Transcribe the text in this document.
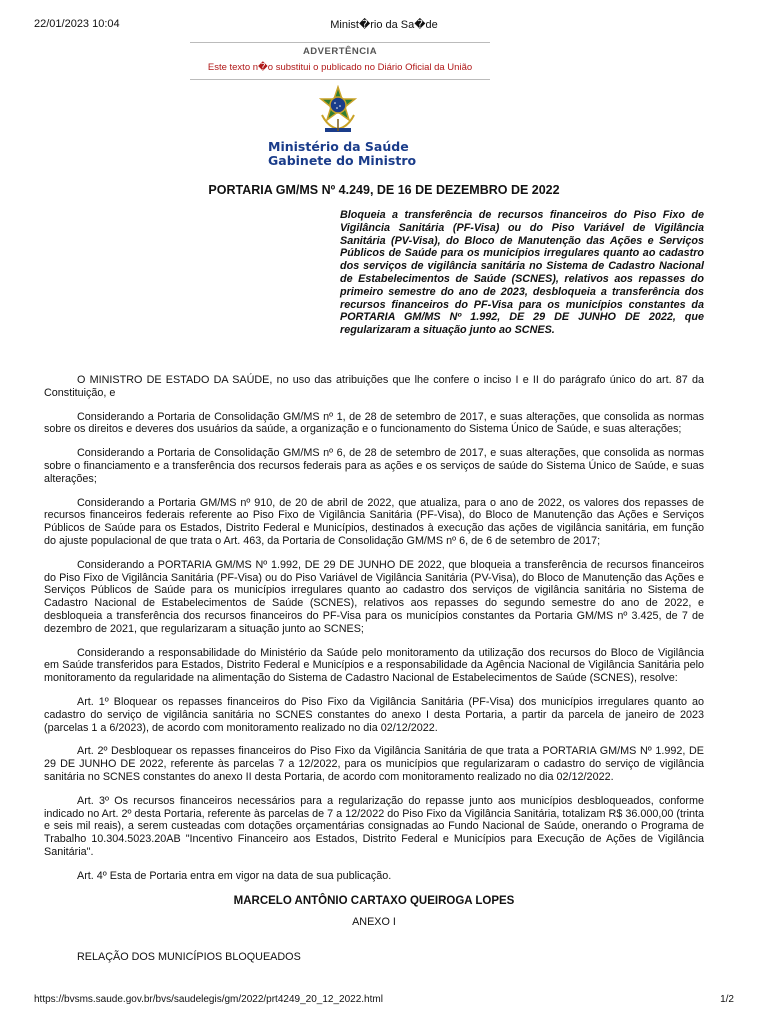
22/01/2023 10:04	Minist�rio da Sa�de
ADVERTÊNCIA
Este texto n�o substitui o publicado no Diário Oficial da União
Ministério da Saúde
Gabinete do Ministro
PORTARIA GM/MS Nº 4.249, DE 16 DE DEZEMBRO DE 2022
Bloqueia a transferência de recursos financeiros do Piso Fixo de Vigilância Sanitária (PF-Visa) ou do Piso Variável de Vigilância Sanitária (PV-Visa), do Bloco de Manutenção das Ações e Serviços Públicos de Saúde para os municípios irregulares quanto ao cadastro dos serviços de vigilância sanitária no Sistema de Cadastro Nacional de Estabelecimentos de Saúde (SCNES), relativos aos repasses do primeiro semestre do ano de 2023, desbloqueia a transferência dos recursos financeiros do PF-Visa para os municípios constantes da PORTARIA GM/MS Nº 1.992, DE 29 DE JUNHO DE 2022, que regularizaram a situação junto ao SCNES.

O MINISTRO DE ESTADO DA SAÚDE, no uso das atribuições que lhe confere o inciso I e II do parágrafo único do art. 87 da Constituição, e

Considerando a Portaria de Consolidação GM/MS nº 1, de 28 de setembro de 2017, e suas alterações, que consolida as normas sobre os direitos e deveres dos usuários da saúde, a organização e o funcionamento do Sistema Único de Saúde, e suas alterações;

Considerando a Portaria de Consolidação GM/MS nº 6, de 28 de setembro de 2017, e suas alterações, que consolida as normas sobre o financiamento e a transferência dos recursos federais para as ações e os serviços de saúde do Sistema Único de Saúde, e suas alterações;

Considerando a Portaria GM/MS nº 910, de 20 de abril de 2022, que atualiza, para o ano de 2022, os valores dos repasses de recursos financeiros federais referente ao Piso Fixo de Vigilância Sanitária (PF-Visa), do Bloco de Manutenção das Ações e Serviços Públicos de Saúde para os Estados, Distrito Federal e Municípios, destinados à execução das ações de vigilância sanitária, em função do ajuste populacional de que trata o Art. 463, da Portaria de Consolidação GM/MS nº 6, de 6 de setembro de 2017;

Considerando a PORTARIA GM/MS Nº 1.992, DE 29 DE JUNHO DE 2022, que bloqueia a transferência de recursos financeiros do Piso Fixo de Vigilância Sanitária (PF-Visa) ou do Piso Variável de Vigilância Sanitária (PV-Visa), do Bloco de Manutenção das Ações e Serviços Públicos de Saúde para os municípios irregulares quanto ao cadastro dos serviços de vigilância sanitária no Sistema de Cadastro Nacional de Estabelecimentos de Saúde (SCNES), relativos aos repasses do segundo semestre do ano de 2022, e desbloqueia a transferência dos recursos financeiros do PF-Visa para os municípios constantes da Portaria GM/MS nº 3.425, de 7 de dezembro de 2021, que regularizaram a situação junto ao SCNES;

Considerando a responsabilidade do Ministério da Saúde pelo monitoramento da utilização dos recursos do Bloco de Vigilância em Saúde transferidos para Estados, Distrito Federal e Municípios e a responsabilidade da Agência Nacional de Vigilância Sanitária pelo monitoramento da regularidade na alimentação do Sistema de Cadastro Nacional de Estabelecimentos de Saúde (SCNES), resolve:

Art. 1º Bloquear os repasses financeiros do Piso Fixo da Vigilância Sanitária (PF-Visa) dos municípios irregulares quanto ao cadastro do serviço de vigilância sanitária no SCNES constantes do anexo I desta Portaria, a partir da parcela de janeiro de 2023 (parcelas 1 a 6/2023), de acordo com monitoramento realizado no dia 02/12/2022.

Art. 2º Desbloquear os repasses financeiros do Piso Fixo da Vigilância Sanitária de que trata a PORTARIA GM/MS Nº 1.992, DE 29 DE JUNHO DE 2022, referente às parcelas 7 a 12/2022, para os municípios que regularizaram o cadastro do serviço de vigilância sanitária no SCNES constantes do anexo II desta Portaria, de acordo com monitoramento realizado no dia 02/12/2022.

Art. 3º Os recursos financeiros necessários para a regularização do repasse junto aos municípios desbloqueados, conforme indicado no Art. 2º desta Portaria, referente às parcelas de 7 a 12/2022 do Piso Fixo da Vigilância Sanitária, totalizam R$ 36.000,00 (trinta e seis mil reais), a serem custeadas com dotações orçamentárias consignadas ao Fundo Nacional de Saúde, onerando o Programa de Trabalho 10.304.5023.20AB "Incentivo Financeiro aos Estados, Distrito Federal e Municípios para Execução de Ações de Vigilância Sanitária".

Art. 4º Esta de Portaria entra em vigor na data de sua publicação.

MARCELO ANTÔNIO CARTAXO QUEIROGA LOPES
ANEXO I
RELAÇÃO DOS MUNICÍPIOS BLOQUEADOS
https://bvsms.saude.gov.br/bvs/saudelegis/gm/2022/prt4249_20_12_2022.html	1/2
